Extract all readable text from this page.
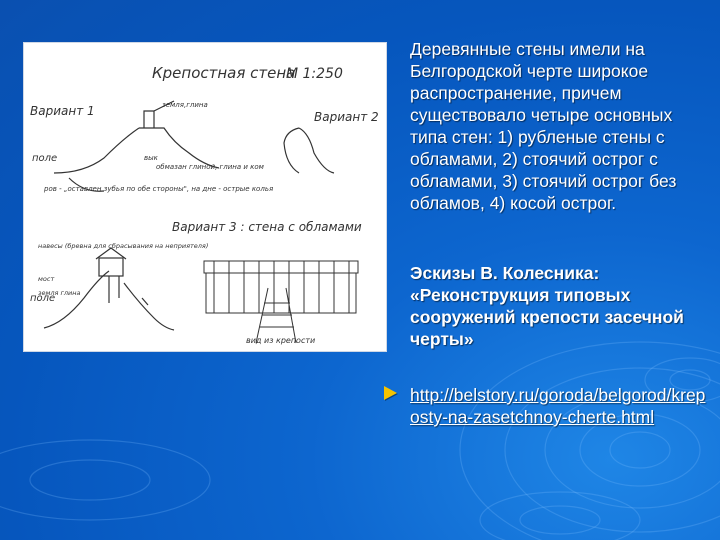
Крепостная стена
М 1:250
Вариант 1	Вариант 2
земля,глина
вык
обмазан глиной, глина и ком
поле
ров - „оставлен зубья по обе стороны", на дне - острые колья
Вариант 3 : стена с обламами
навесы (бревна для сбрасывания на неприятеля)
мост
земля глина
поле
вид из крепости

Деревянные стены имели на Белгородской черте широкое распространение, причем существовало четыре основных типа стен: 1) рубленые стены с обламами, 2) стоячий острог с обламами, 3) стоячий острог без обламов, 4) косой острог.

Эскизы В. Колесника: «Реконструкция типовых сооружений крепости засечной черты»

http://belstory.ru/goroda/belgorod/kreposty-na-zasetchnoy-cherte.html
